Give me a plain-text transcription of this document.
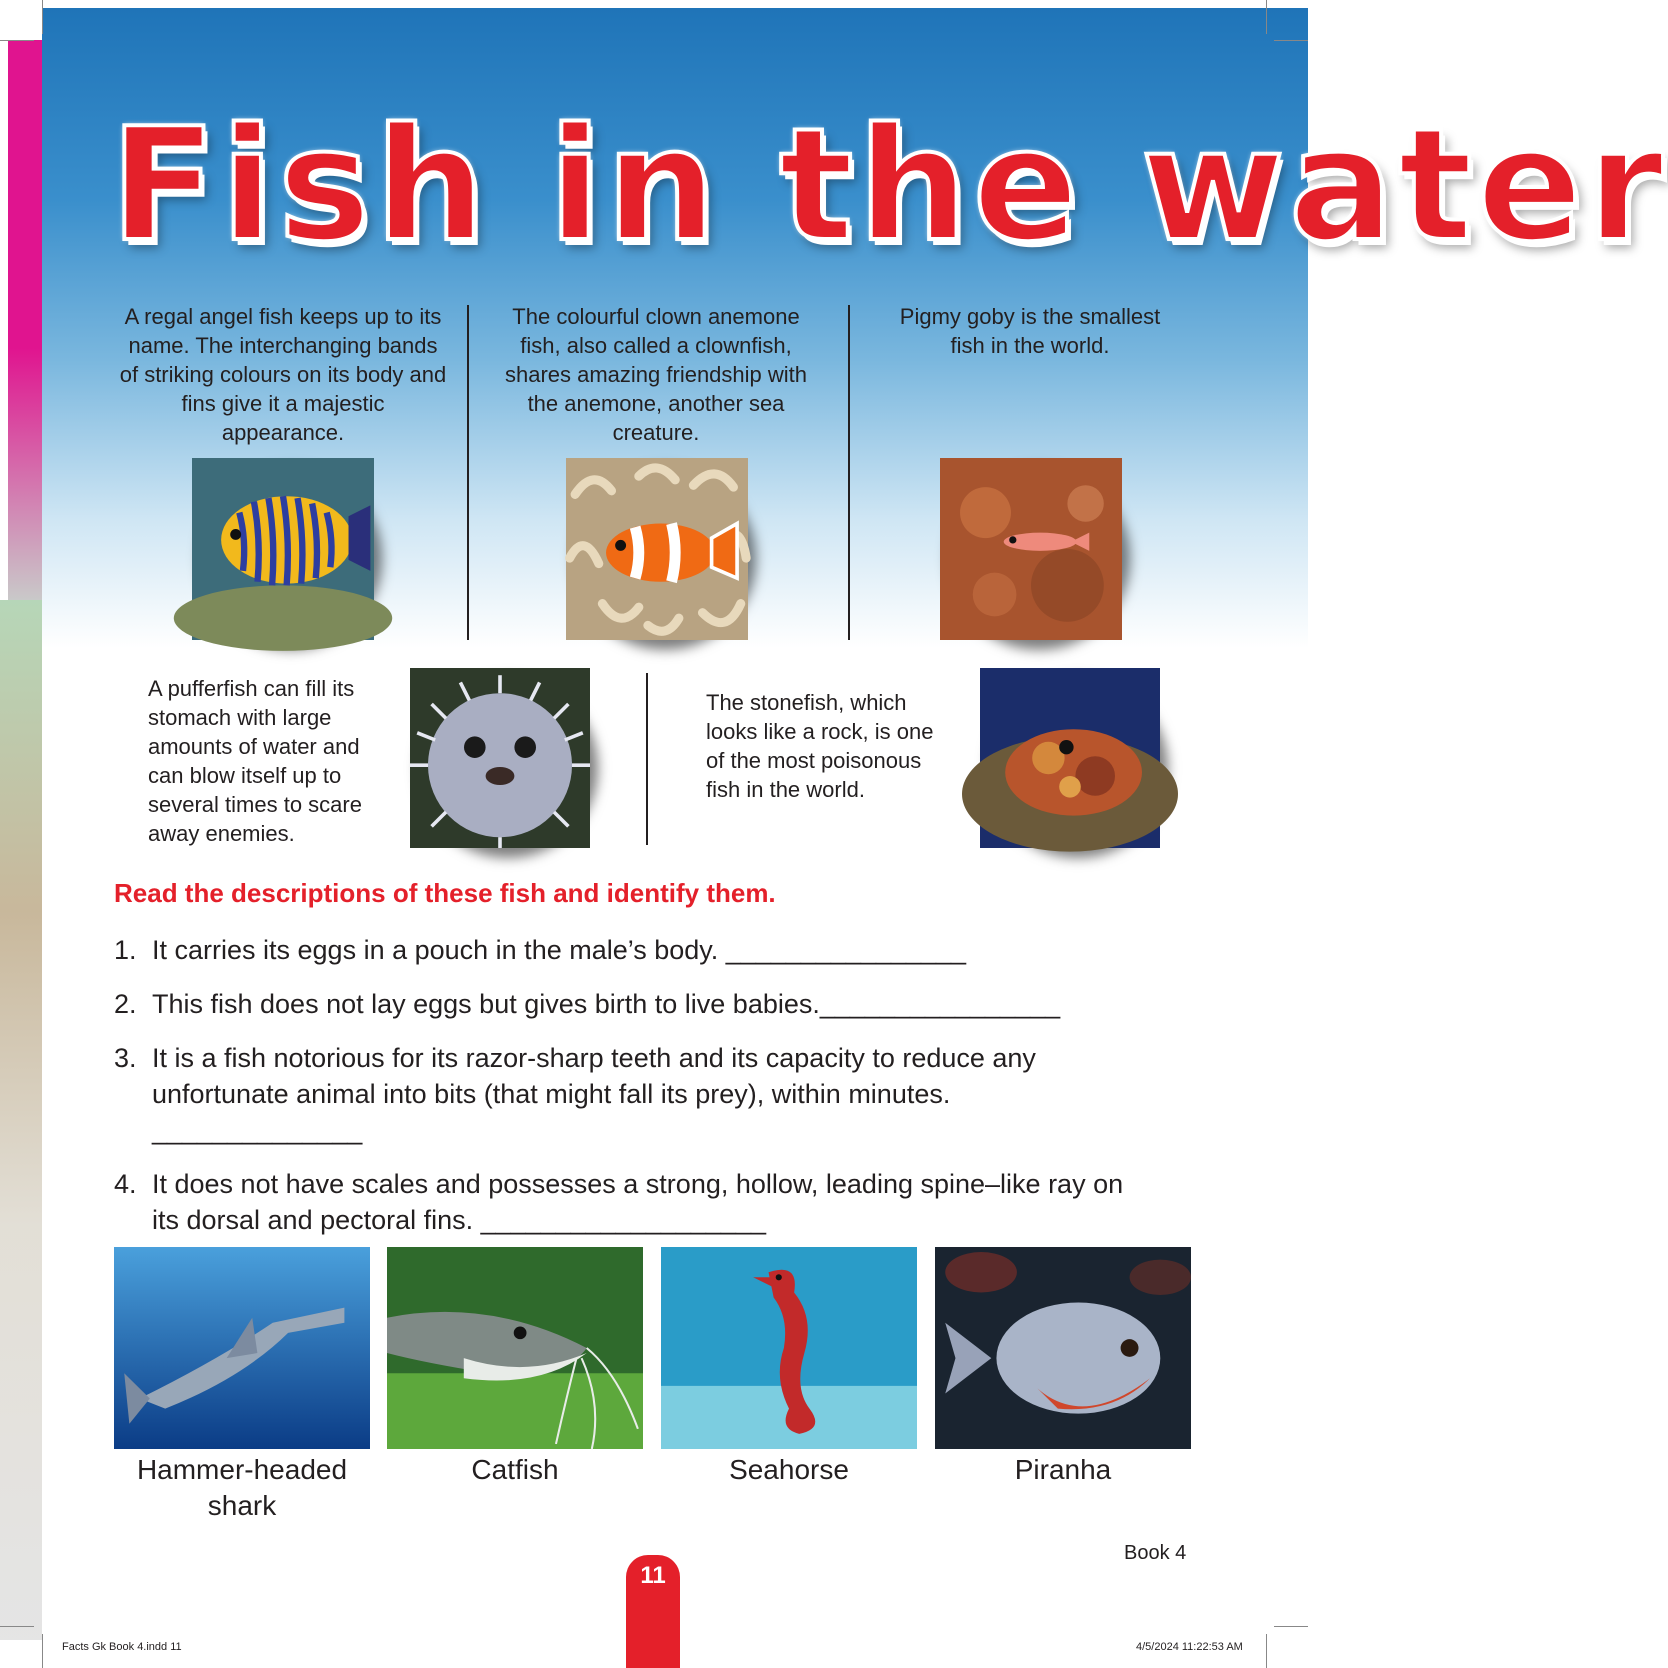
Fish in the water
A regal angel fish keeps up to its name. The interchanging bands of striking colours on its body and fins give it a majestic appearance.
The colourful clown anemone fish, also called a clownfish, shares amazing friendship with the anemone, another sea creature.
Pigmy goby is the smallest fish in the world.
A pufferfish can fill its stomach with large amounts of water and can blow itself up to several times to scare away enemies.
The stonefish, which looks like a rock, is one of the most poisonous fish in the world.
Read the descriptions of these fish and identify them.
1. It carries its eggs in a pouch in the male’s body. ________________
2. This fish does not lay eggs but gives birth to live babies.________________
3. It is a fish notorious for its razor-sharp teeth and its capacity to reduce any
unfortunate animal into bits (that might fall its prey), within minutes.
______________
4. It does not have scales and possesses a strong, hollow, leading spine–like ray on
its dorsal and pectoral fins. ___________________
Hammer-headed
shark
Catfish	Seahorse	Piranha
Book 4
11
Facts Gk Book 4.indd 11	4/5/2024 11:22:53 AM
